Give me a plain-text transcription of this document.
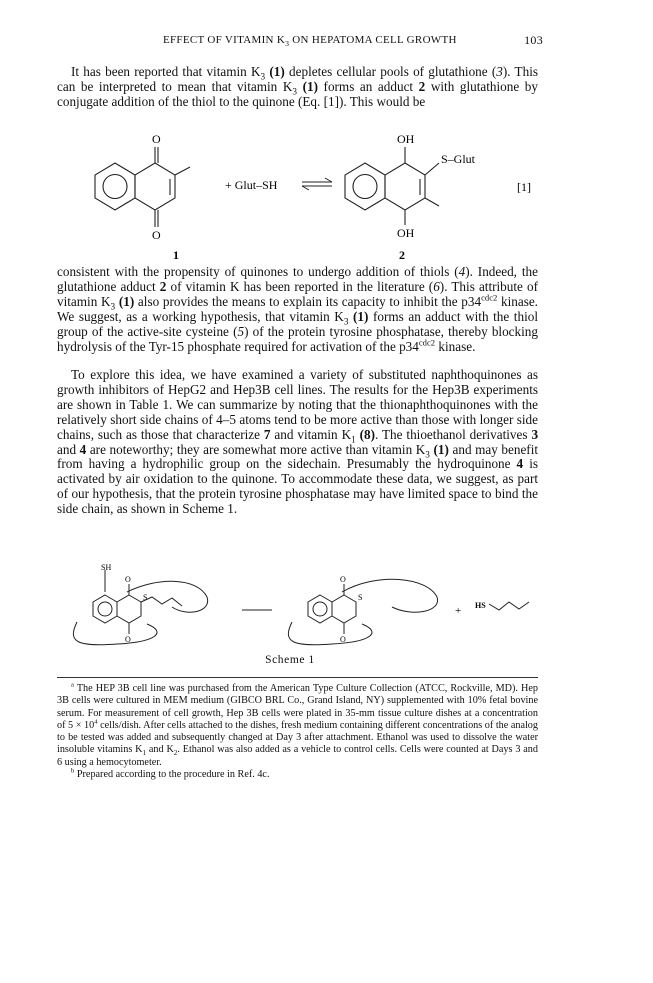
EFFECT OF VITAMIN $K_3$ ON HEPATOMA CELL GROWTH	103
It has been reported that vitamin $K_3$ (1) depletes cellular pools of glutathione (3). This can be interpreted to mean that vitamin $K_3$ (1) forms an adduct 2 with glutathione by conjugate addition of the thiol to the quinone (Eq. [1]). This would be
O
O
+ Glut–SH
OH
OH
S–Glut
1	2
[1]
consistent with the propensity of quinones to undergo addition of thiols (4). Indeed, the glutathione adduct 2 of vitamin K has been reported in the literature (6). This attribute of vitamin $K_3$ (1) also provides the means to explain its capacity to inhibit the $p34^{cdc2}$ kinase. We suggest, as a working hypothesis, that vitamin $K_3$ (1) forms an adduct with the thiol group of the active-site cysteine (5) of the protein tyrosine phosphatase, thereby blocking hydrolysis of the Tyr-15 phosphate required for activation of the $p34^{cdc2}$ kinase.
To explore this idea, we have examined a variety of substituted naphthoquinones as growth inhibitors of HepG2 and Hep3B cell lines. The results for the Hep3B experiments are shown in Table 1. We can summarize by noting that the thionaphthoquinones with the relatively short side chains of 4–5 atoms tend to be more active than those with longer side chains, such as those that characterize 7 and vitamin $K_1$ (8). The thioethanol derivatives 3 and 4 are noteworthy; they are somewhat more active than vitamin $K_3$ (1) and may benefit from having a hydrophilic group on the sidechain. Presumably the hydroquinone 4 is activated by air oxidation to the quinone. To accommodate these data, we suggest, as part of our hypothesis, that the protein tyrosine phosphatase may have limited space to bind the side chain, as shown in Scheme 1.
SH
O
O
S
O
O
S
+ HS
Scheme 1

$^a$ The HEP 3B cell line was purchased from the American Type Culture Collection (ATCC, Rockville, MD). Hep 3B cells were cultured in MEM medium (GIBCO BRL Co., Grand Island, NY) supplemented with 10% fetal bovine serum. For measurement of cell growth, Hep 3B cells were plated in 35-mm tissue culture dishes at a concentration of $5 \times 10^4$ cells/dish. After cells attached to the dishes, fresh medium containing different concentrations of the analog to be tested was added and subsequently changed at Day 3 after attachment. Ethanol was used to dissolve the water insoluble vitamins $K_1$ and $K_2$. Ethanol was also added as a vehicle to control cells. Cells were counted at Days 3 and 6 using a hemocytometer.

$^b$ Prepared according to the procedure in Ref. 4c.
